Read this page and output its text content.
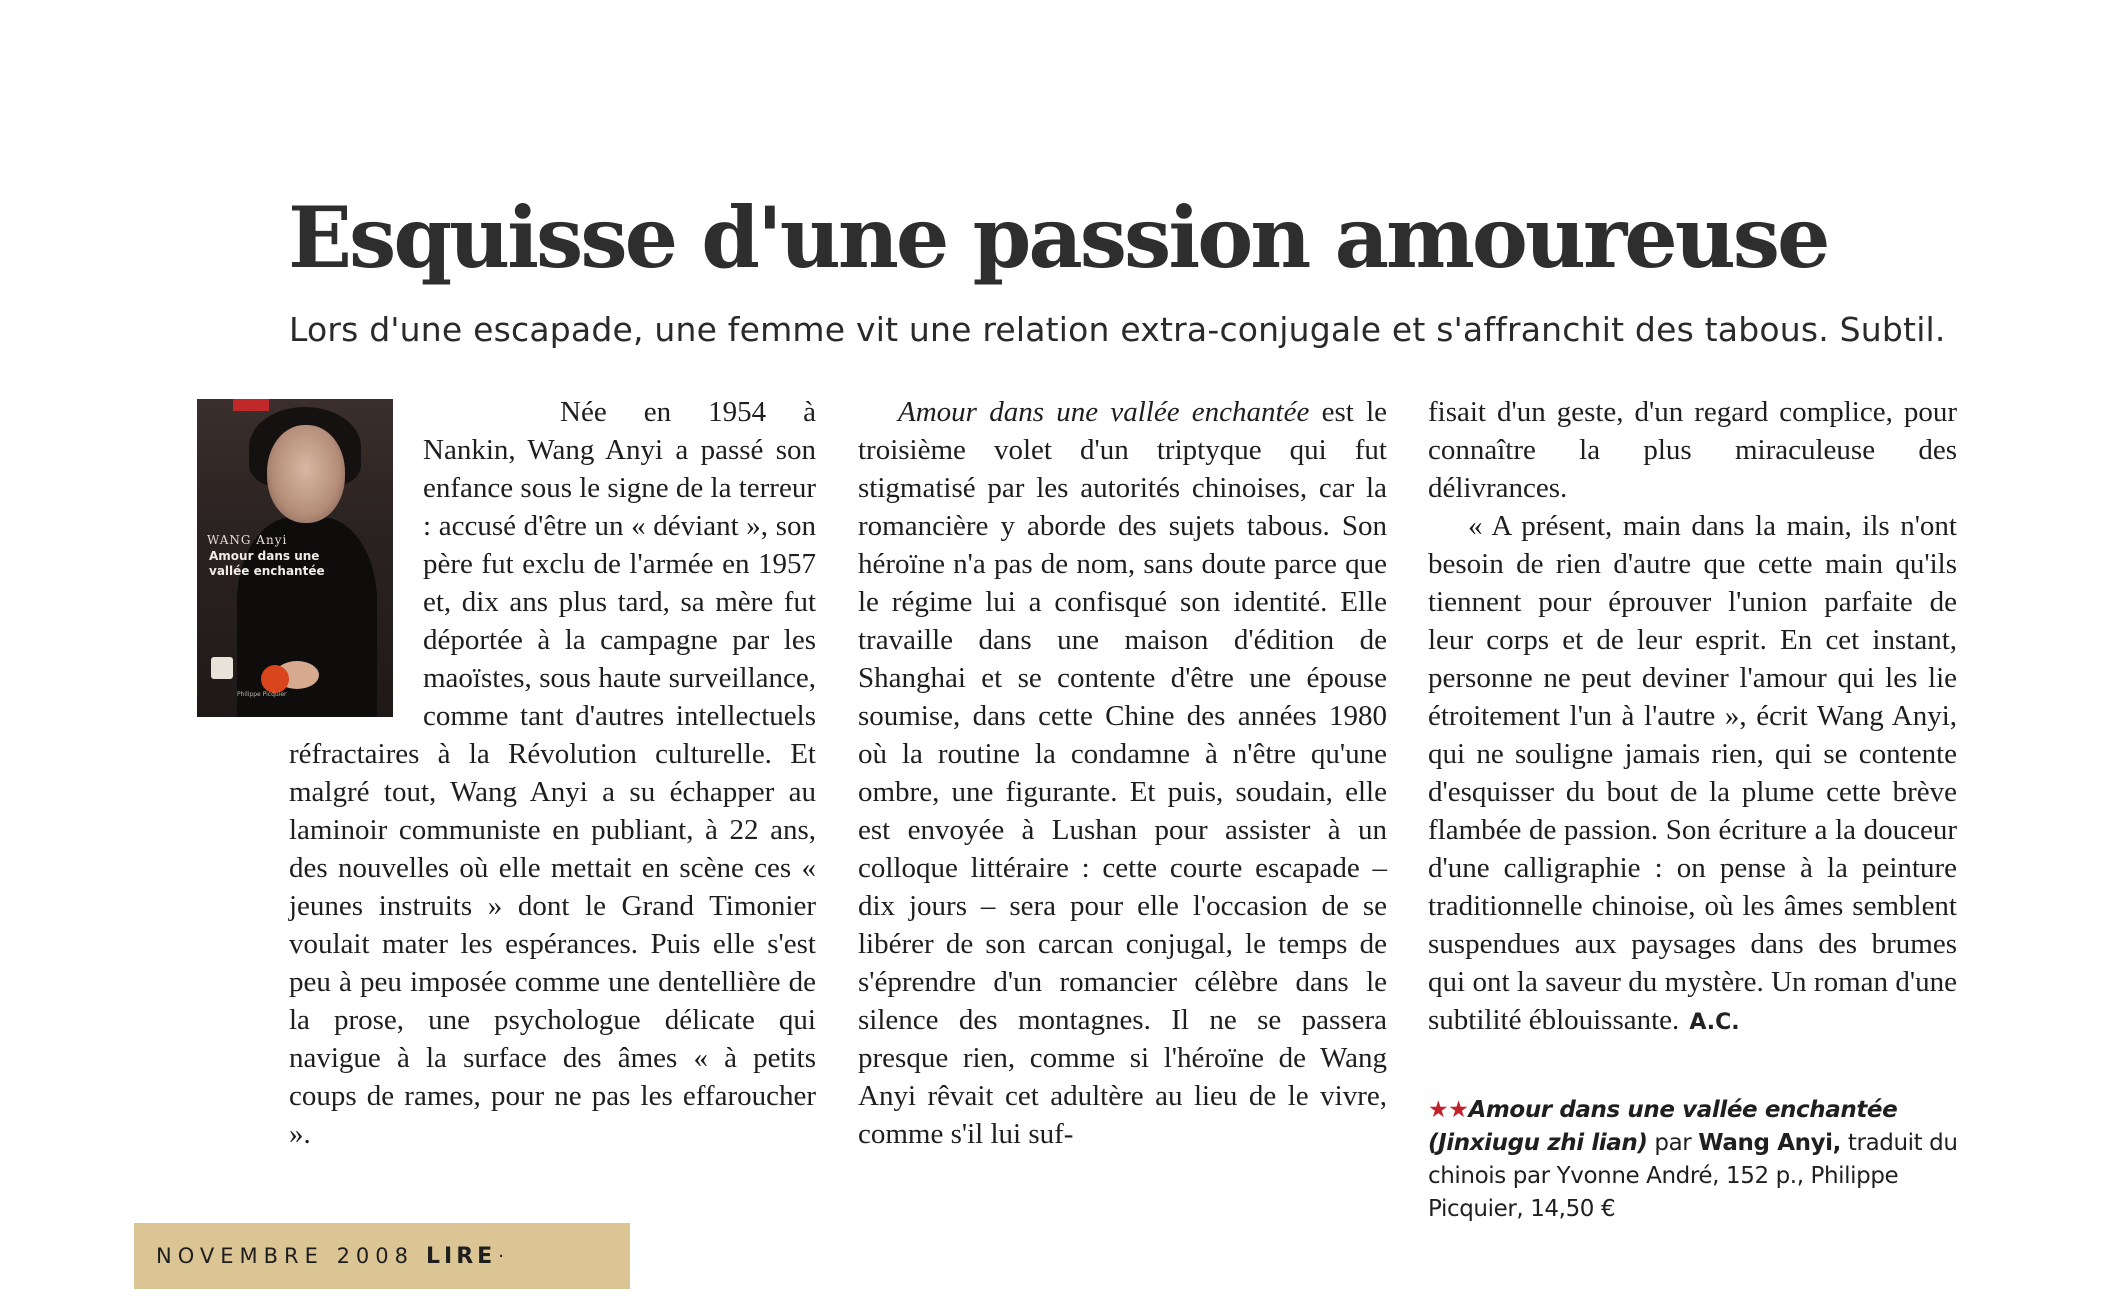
Esquisse d'une passion amoureuse
Lors d'une escapade, une femme vit une relation extra-conjugale et s'affranchit des tabous. Subtil.
WANG Anyi
Amour dans une vallée enchantée
Philippe Picquier

Née en 1954 à Nankin, Wang Anyi a passé son enfance sous le signe de la terreur : accusé d'être un « déviant », son père fut exclu de l'armée en 1957 et, dix ans plus tard, sa mère fut déportée à la campagne par les maoïstes, sous haute surveillance, comme tant d'autres intellectuels réfractaires à la Révolution culturelle. Et malgré tout, Wang Anyi a su échapper au laminoir communiste en publiant, à 22 ans, des nouvelles où elle mettait en scène ces « jeunes instruits » dont le Grand Timonier voulait mater les espérances. Puis elle s'est peu à peu imposée comme une dentellière de la prose, une psychologue délicate qui navigue à la surface des âmes « à petits coups de rames, pour ne pas les effaroucher ».

Amour dans une vallée enchantée est le troisième volet d'un triptyque qui fut stigmatisé par les autorités chinoises, car la romancière y aborde des sujets tabous. Son héroïne n'a pas de nom, sans doute parce que le régime lui a confisqué son identité. Elle travaille dans une maison d'édition de Shanghai et se contente d'être une épouse soumise, dans cette Chine des années 1980 où la routine la condamne à n'être qu'une ombre, une figurante. Et puis, soudain, elle est envoyée à Lushan pour assister à un colloque littéraire : cette courte escapade – dix jours – sera pour elle l'occasion de se libérer de son carcan conjugal, le temps de s'éprendre d'un romancier célèbre dans le silence des montagnes. Il ne se passera presque rien, comme si l'héroïne de Wang Anyi rêvait cet adultère au lieu de le vivre, comme s'il lui suf-

fisait d'un geste, d'un regard complice, pour connaître la plus miraculeuse des délivrances.

« A présent, main dans la main, ils n'ont besoin de rien d'autre que cette main qu'ils tiennent pour éprouver l'union parfaite de leur corps et de leur esprit. En cet instant, personne ne peut deviner l'amour qui les lie étroitement l'un à l'autre », écrit Wang Anyi, qui ne souligne jamais rien, qui se contente d'esquisser du bout de la plume cette brève flambée de passion. Son écriture a la douceur d'une calligraphie : on pense à la peinture traditionnelle chinoise, où les âmes semblent suspendues aux paysages dans des brumes qui ont la saveur du mystère. Un roman d'une subtilité éblouissante. A.C.

★★Amour dans une vallée enchantée (Jinxiugu zhi lian) par Wang Anyi, traduit du chinois par Yvonne André, 152 p., Philippe Picquier, 14,50 €
NOVEMBRE 2008 LIRE ·
